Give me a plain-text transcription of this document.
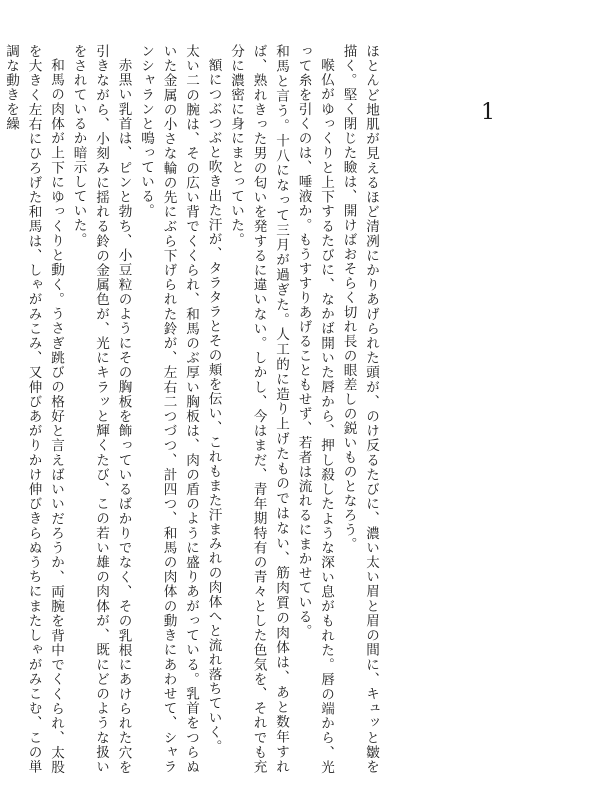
1

ほとんど地肌が見えるほど清冽にかりあげられた頭が、のけ反るたびに、濃い太い眉と眉の間に、キュッと皺を描く。堅く閉じた瞼は、開けばおそらく切れ長の眼差しの鋭いものとなろう。

喉仏がゆっくりと上下するたびに、なかば開いた唇から、押し殺したような深い息がもれた。唇の端から、光って糸を引くのは、唾液か。もうすすりあげることもせず、若者は流れるにまかせている。

和馬と言う。十八になって三月が過ぎた。人工的に造り上げたものではない、筋肉質の肉体は、あと数年すれば、熟れきった男の匂いを発するに違いない。しかし、今はまだ、青年期特有の青々とした色気を、それでも充分に濃密に身にまとっていた。

額につぶつぶと吹き出た汗が、タラタラとその頬を伝い、これもまた汗まみれの肉体へと流れ落ちていく。

太い二の腕は、その広い背でくくられ、和馬のぶ厚い胸板は、肉の盾のように盛りあがっている。乳首をつらぬいた金属の小さな輪の先にぶら下げられた鈴が、左右二つづつ、計四つ、和馬の肉体の動きにあわせて、シャランシャランと鳴っている。

赤黒い乳首は、ピンと勃ち、小豆粒のようにその胸板を飾っているばかりでなく、その乳根にあけられた穴を引きながら、小刻みに揺れる鈴の金属色が、光にキラッと輝くたび、この若い雄の肉体が、既にどのような扱いをされているか暗示していた。

和馬の肉体が上下にゆっくりと動く。うさぎ跳びの格好と言えばいいだろうか、両腕を背中でくくられ、太股を大きく左右にひろげた和馬は、しゃがみこみ、又伸びあがりかけ伸びきらぬうちにまたしゃがみこむ、この単調な動きを繰
